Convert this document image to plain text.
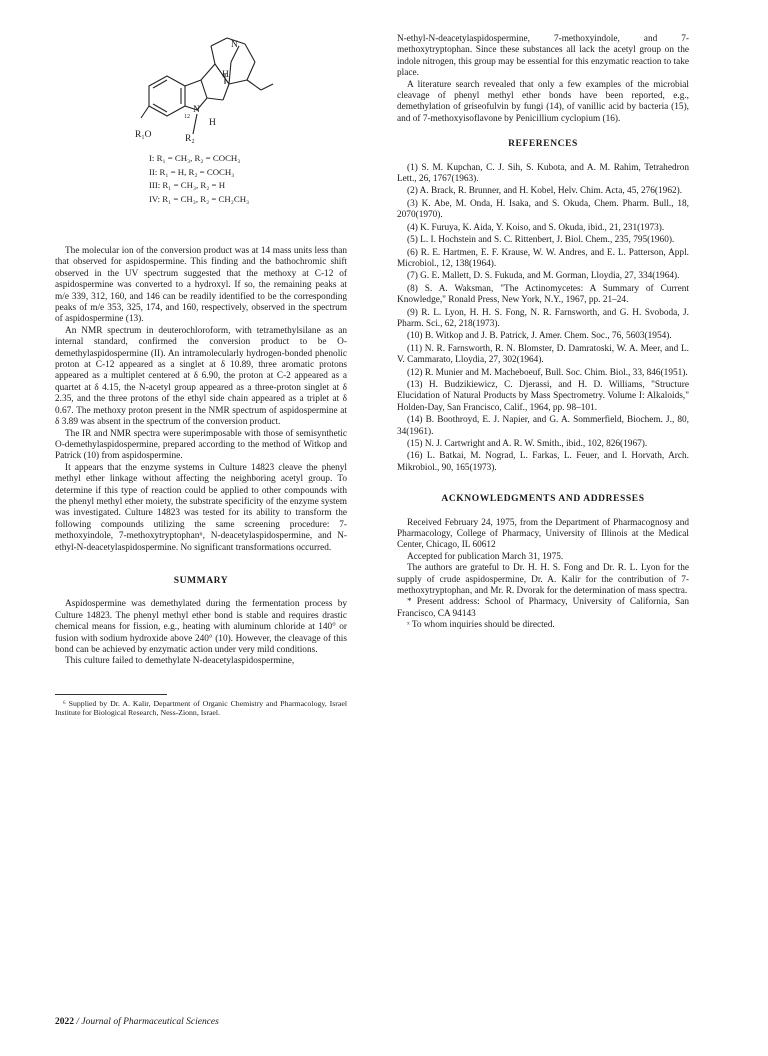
N
H
N
H
12
R₁O	R₂
I: R₁ = CH₃, R₂ = COCH₃
II: R₁ = H, R₂ = COCH₃
III: R₁ = CH₃, R₂ = H
IV: R₁ = CH₃, R₂ = CH₂CH₃

The molecular ion of the conversion product was at 14 mass units less than that observed for aspidospermine. This finding and the bathochromic shift observed in the UV spectrum suggested that the methoxy at C-12 of aspidospermine was converted to a hydroxyl. If so, the remaining peaks at m/e 339, 312, 160, and 146 can be readily identified to be the corresponding peaks of m/e 353, 325, 174, and 160, respectively, observed in the spectrum of aspidospermine (13).

An NMR spectrum in deuterochloroform, with tetramethylsilane as an internal standard, confirmed the conversion product to be O-demethylaspidospermine (II). An intramolecularly hydrogen-bonded phenolic proton at C-12 appeared as a singlet at δ 10.89, three aromatic protons appeared as a multiplet centered at δ 6.90, the proton at C-2 appeared as a quartet at δ 4.15, the N-acetyl group appeared as a three-proton singlet at δ 2.35, and the three protons of the ethyl side chain appeared as a triplet at δ 0.67. The methoxy proton present in the NMR spectrum of aspidospermine at δ 3.89 was absent in the spectrum of the conversion product.

The IR and NMR spectra were superimposable with those of semisynthetic O-demethylaspidospermine, prepared according to the method of Witkop and Patrick (10) from aspidospermine.

It appears that the enzyme systems in Culture 14823 cleave the phenyl methyl ether linkage without affecting the neighboring acetyl group. To determine if this type of reaction could be applied to other compounds with the phenyl methyl ether moiety, the substrate specificity of the enzyme system was investigated. Culture 14823 was tested for its ability to transform the following compounds utilizing the same screening procedure: 7-methoxyindole, 7-methoxytryptophan⁶, N-deacetylaspidospermine, and N-ethyl-N-deacetylaspidospermine. No significant transformations occurred.

SUMMARY

Aspidospermine was demethylated during the fermentation process by Culture 14823. The phenyl methyl ether bond is stable and requires drastic chemical means for fission, e.g., heating with aluminum chloride at 140° or fusion with sodium hydroxide above 240° (10). However, the cleavage of this bond can be achieved by enzymatic action under very mild conditions.

This culture failed to demethylate N-deacetylaspidospermine,

⁶ Supplied by Dr. A. Kalir, Department of Organic Chemistry and Pharmacology, Israel Institute for Biological Research, Ness-Zionn, Israel.

N-ethyl-N-deacetylaspidospermine, 7-methoxyindole, and 7-methoxytryptophan. Since these substances all lack the acetyl group on the indole nitrogen, this group may be essential for this enzymatic reaction to take place.

A literature search revealed that only a few examples of the microbial cleavage of phenyl methyl ether bonds have been reported, e.g., demethylation of griseofulvin by fungi (14), of vanillic acid by bacteria (15), and of 7-methoxyisoflavone by Penicillium cyclopium (16).

REFERENCES

(1) S. M. Kupchan, C. J. Sih, S. Kubota, and A. M. Rahim, Tetrahedron Lett., 26, 1767(1963).

(2) A. Brack, R. Brunner, and H. Kobel, Helv. Chim. Acta, 45, 276(1962).

(3) K. Abe, M. Onda, H. Isaka, and S. Okuda, Chem. Pharm. Bull., 18, 2070(1970).

(4) K. Furuya, K. Aida, Y. Koiso, and S. Okuda, ibid., 21, 231(1973).

(5) L. I. Hochstein and S. C. Rittenbert, J. Biol. Chem., 235, 795(1960).

(6) R. E. Hartmen, E. F. Krause, W. W. Andres, and E. L. Patterson, Appl. Microbiol., 12, 138(1964).

(7) G. E. Mallett, D. S. Fukuda, and M. Gorman, Lloydia, 27, 334(1964).

(8) S. A. Waksman, "The Actinomycetes: A Summary of Current Knowledge," Ronald Press, New York, N.Y., 1967, pp. 21–24.

(9) R. L. Lyon, H. H. S. Fong, N. R. Farnsworth, and G. H. Svoboda, J. Pharm. Sci., 62, 218(1973).

(10) B. Witkop and J. B. Patrick, J. Amer. Chem. Soc., 76, 5603(1954).

(11) N. R. Farnsworth, R. N. Blomster, D. Damratoski, W. A. Meer, and L. V. Cammarato, Lloydia, 27, 302(1964).

(12) R. Munier and M. Macheboeuf, Bull. Soc. Chim. Biol., 33, 846(1951).

(13) H. Budzikiewicz, C. Djerassi, and H. D. Williams, "Structure Elucidation of Natural Products by Mass Spectrometry. Volume I: Alkaloids," Holden-Day, San Francisco, Calif., 1964, pp. 98–101.

(14) B. Boothroyd, E. J. Napier, and G. A. Sommerfield, Biochem. J., 80, 34(1961).

(15) N. J. Cartwright and A. R. W. Smith., ibid., 102, 826(1967).

(16) L. Batkai, M. Nograd, L. Farkas, L. Feuer, and I. Horvath, Arch. Mikrobiol., 90, 165(1973).

ACKNOWLEDGMENTS AND ADDRESSES

Received February 24, 1975, from the Department of Pharmacognosy and Pharmacology, College of Pharmacy, University of Illinois at the Medical Center, Chicago, IL 60612

Accepted for publication March 31, 1975.

The authors are grateful to Dr. H. H. S. Fong and Dr. R. L. Lyon for the supply of crude aspidospermine, Dr. A. Kalir for the contribution of 7-methoxytryptophan, and Mr. R. Dvorak for the determination of mass spectra.

* Present address: School of Pharmacy, University of California, San Francisco, CA 94143

ˣ To whom inquiries should be directed.

2022 / Journal of Pharmaceutical Sciences
